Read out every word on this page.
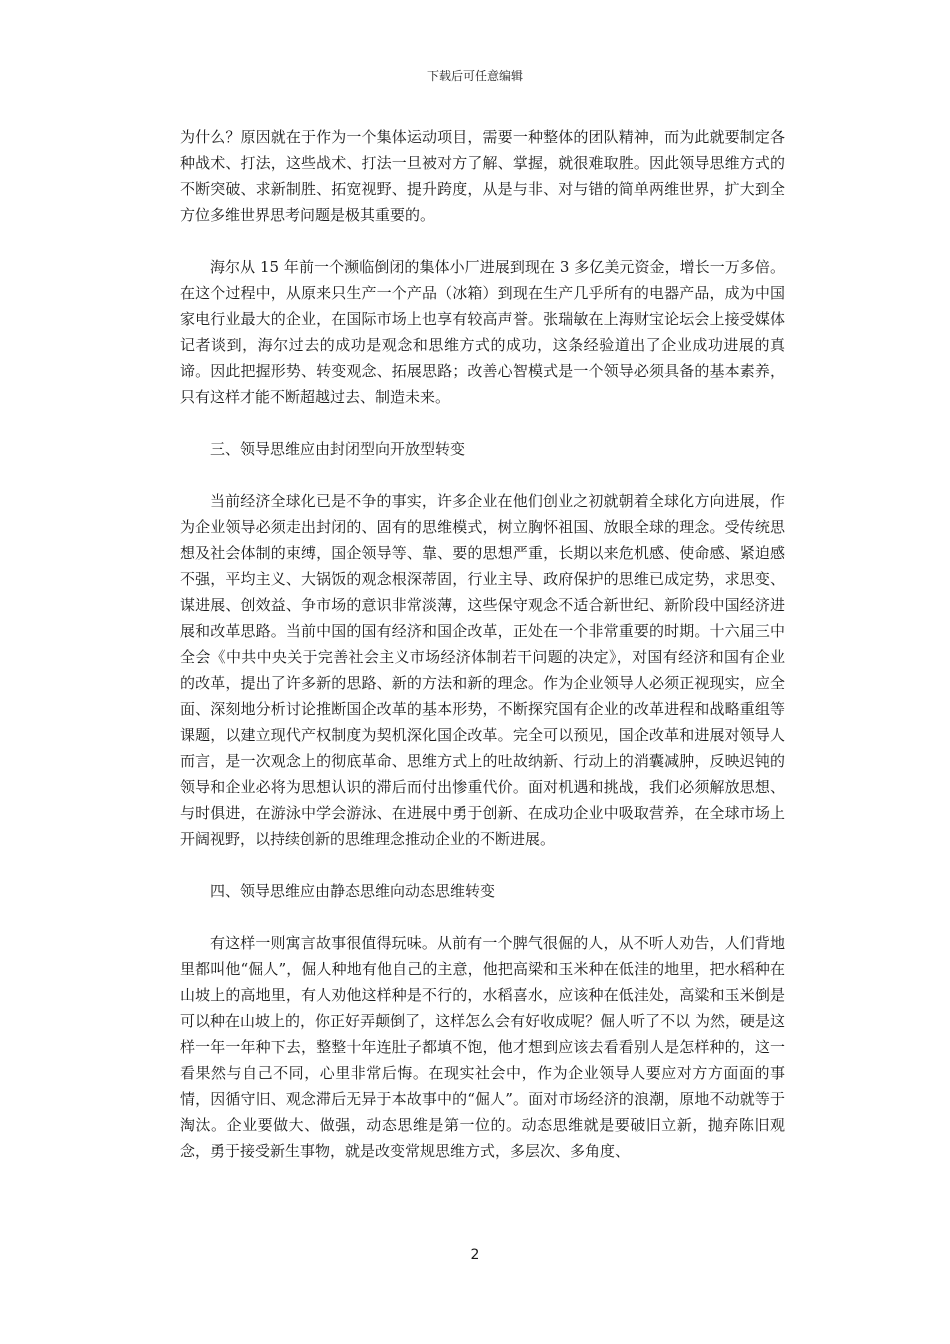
下载后可任意编辑

为什么？原因就在于作为一个集体运动项目，需要一种整体的团队精神，而为此就要制定各种战术、打法，这些战术、打法一旦被对方了解、掌握，就很难取胜。因此领导思维方式的不断突破、求新制胜、拓宽视野、提升跨度，从是与非、对与错的简单两维世界，扩大到全方位多维世界思考问题是极其重要的。

海尔从 15 年前一个濒临倒闭的集体小厂进展到现在 3 多亿美元资金，增长一万多倍。在这个过程中，从原来只生产一个产品（冰箱）到现在生产几乎所有的电器产品，成为中国家电行业最大的企业，在国际市场上也享有较高声誉。张瑞敏在上海财宝论坛会上接受媒体记者谈到，海尔过去的成功是观念和思维方式的成功，这条经验道出了企业成功进展的真谛。因此把握形势、转变观念、拓展思路；改善心智模式是一个领导必须具备的基本素养，只有这样才能不断超越过去、制造未来。

三、领导思维应由封闭型向开放型转变

当前经济全球化已是不争的事实，许多企业在他们创业之初就朝着全球化方向进展，作为企业领导必须走出封闭的、固有的思维模式，树立胸怀祖国、放眼全球的理念。受传统思想及社会体制的束缚，国企领导等、靠、要的思想严重，长期以来危机感、使命感、紧迫感不强，平均主义、大锅饭的观念根深蒂固，行业主导、政府保护的思维已成定势，求思变、谋进展、创效益、争市场的意识非常淡薄，这些保守观念不适合新世纪、新阶段中国经济进展和改革思路。当前中国的国有经济和国企改革，正处在一个非常重要的时期。十六届三中全会《中共中央关于完善社会主义市场经济体制若干问题的决定》，对国有经济和国有企业的改革，提出了许多新的思路、新的方法和新的理念。作为企业领导人必须正视现实，应全面、深刻地分析讨论推断国企改革的基本形势，不断探究国有企业的改革进程和战略重组等课题，以建立现代产权制度为契机深化国企改革。完全可以预见，国企改革和进展对领导人而言，是一次观念上的彻底革命、思维方式上的吐故纳新、行动上的消囊减肿，反映迟钝的领导和企业必将为思想认识的滞后而付出惨重代价。面对机遇和挑战，我们必须解放思想、与时俱进，在游泳中学会游泳、在进展中勇于创新、在成功企业中吸取营养，在全球市场上开阔视野，以持续创新的思维理念推动企业的不断进展。

四、领导思维应由静态思维向动态思维转变

有这样一则寓言故事很值得玩味。从前有一个脾气很倔的人，从不听人劝告，人们背地里都叫他“倔人”，倔人种地有他自己的主意，他把高梁和玉米种在低洼的地里，把水稻种在山坡上的高地里，有人劝他这样种是不行的，水稻喜水，应该种在低洼处，高粱和玉米倒是可以种在山坡上的，你正好弄颠倒了，这样怎么会有好收成呢？倔人听了不以 为然，硬是这样一年一年种下去，整整十年连肚子都填不饱，他才想到应该去看看别人是怎样种的，这一看果然与自己不同，心里非常后悔。在现实社会中，作为企业领导人要应对方方面面的事情，因循守旧、观念滞后无异于本故事中的“倔人”。面对市场经济的浪潮，原地不动就等于淘汰。企业要做大、做强，动态思维是第一位的。动态思维就是要破旧立新，抛弃陈旧观念，勇于接受新生事物，就是改变常规思维方式，多层次、多角度、

2
